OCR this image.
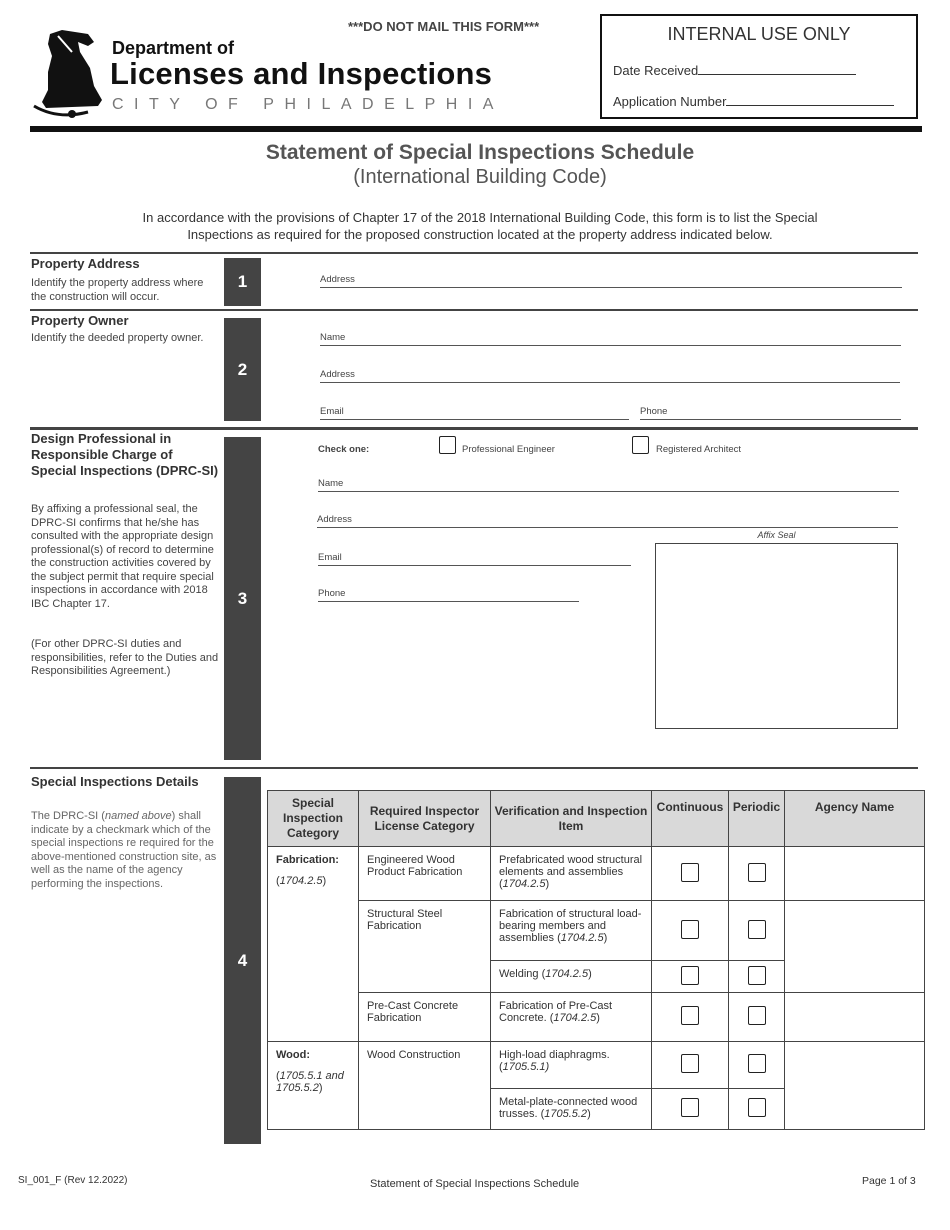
Department of
Licenses and Inspections
CITY OF PHILADELPHIA
***DO NOT MAIL THIS FORM***	INTERNAL USE ONLY
Date Received
Application Number
Statement of Special Inspections Schedule
(International Building Code)
In accordance with the provisions of Chapter 17 of the 2018 International Building Code, this form is to list the Special Inspections as required for the proposed construction located at the property address indicated below.
Property Address
Identify the property address where the construction will occur.
1	Address
Property Owner
Identify the deeded property owner.
2
Name
Address
Email	Phone
Design Professional in Responsible Charge of Special Inspections (DPRC-SI)
By affixing a professional seal, the DPRC-SI confirms that he/she has consulted with the appropriate design professional(s) of record to determine the construction activities covered by the subject permit that require special inspections in accordance with 2018 IBC Chapter 17.
(For other DPRC-SI duties and responsibilities, refer to the Duties and Responsibilities Agreement.)
3
Check one:	Professional Engineer	Registered Architect
Name
Address
Email
Phone
Affix Seal
Special Inspections Details
The DPRC-SI (named above) shall indicate by a checkmark which of the special inspections re required for the above-mentioned construction site, as well as the name of the agency performing the inspections.
4
Special Inspection Category	Required Inspector License Category	Verification and Inspection Item	Continuous	Periodic	Agency Name

Fabrication:
(1704.2.5)	Engineered Wood Product Fabrication	Prefabricated wood structural elements and assemblies (1704.2.5)			
	Structural Steel Fabrication	Fabrication of structural load-bearing members and assemblies (1704.2.5)			
		Welding (1704.2.5)			
	Pre-Cast Concrete Fabrication	Fabrication of Pre-Cast Concrete. (1704.2.5)			

Wood:
(1705.5.1 and 1705.5.2)	Wood Construction	High-load diaphragms. (1705.5.1)			
		Metal-plate-connected wood trusses. (1705.5.2)			
SI_001_F (Rev 12.2022)	Statement of Special Inspections Schedule	Page 1 of 3
